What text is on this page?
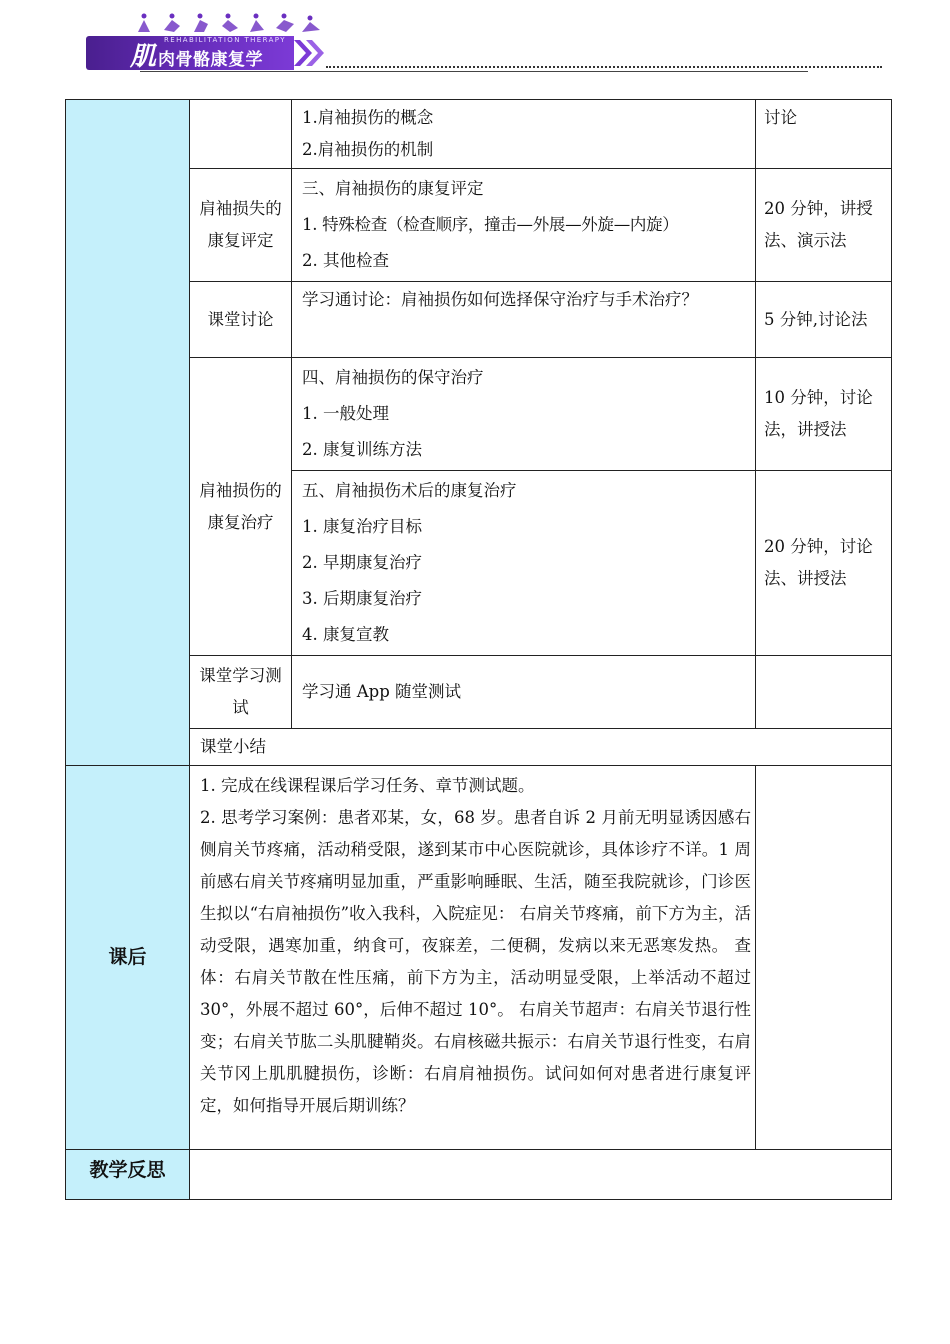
REHABILITATION THERAPY
肌 肉骨骼康复学

		1.肩袖损伤的概念
2.肩袖损伤的机制	讨论
	肩袖损失的康复评定	三、肩袖损伤的康复评定
1. 特殊检查（检查顺序，撞击—外展—外旋—内旋）
2. 其他检查	20 分钟，讲授法、演示法
	课堂讨论	学习通讨论：肩袖损伤如何选择保守治疗与手术治疗？	5 分钟,讨论法
	肩袖损伤的康复治疗	四、肩袖损伤的保守治疗
1. 一般处理
2. 康复训练方法	10 分钟，讨论法，讲授法

		五、肩袖损伤术后的康复治疗
1. 康复治疗目标
2. 早期康复治疗
3. 后期康复治疗
4. 康复宣教	20 分钟，讨论法、讲授法
	课堂学习测试	学习通 App 随堂测试	
	课堂小结		
课后	1. 完成在线课程课后学习任务、章节测试题。
2. 思考学习案例：患者邓某，女，68 岁。患者自诉 2 月前无明显诱因感右侧肩关节疼痛，活动稍受限，遂到某市中心医院就诊，具体诊疗不详。1 周前感右肩关节疼痛明显加重，严重影响睡眠、生活，随至我院就诊，门诊医生拟以“右肩袖损伤”收入我科，入院症见： 右肩关节疼痛，前下方为主，活动受限，遇寒加重，纳食可，夜寐差，二便稠，发病以来无恶寒发热。 查体：右肩关节散在性压痛，前下方为主，活动明显受限，上举活动不超过 30°，外展不超过 60°，后伸不超过 10°。 右肩关节超声：右肩关节退行性变；右肩关节肱二头肌腱鞘炎。右肩核磁共振示：右肩关节退行性变，右肩关节冈上肌肌腱损伤，诊断：右肩肩袖损伤。试问如何对患者进行康复评定，如何指导开展后期训练？		

教学反思			
